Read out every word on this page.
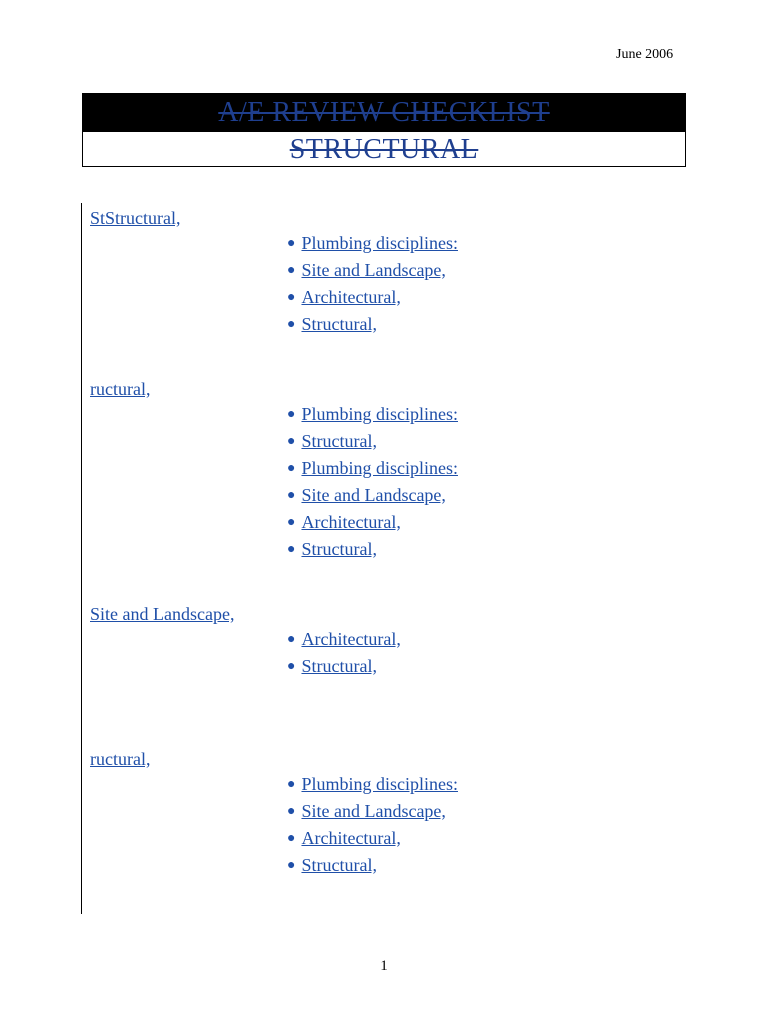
June 2006
A/E REVIEW CHECKLIST
STRUCTURAL
StStructural,
● Plumbing disciplines:
● Site and Landscape,
● Architectural,
● Structural,
ructural,
● Plumbing disciplines:
● Structural,
● Plumbing disciplines:
● Site and Landscape,
● Architectural,
● Structural,
Site and Landscape,
● Architectural,
● Structural,
ructural,
● Plumbing disciplines:
● Site and Landscape,
● Architectural,
● Structural,
1
